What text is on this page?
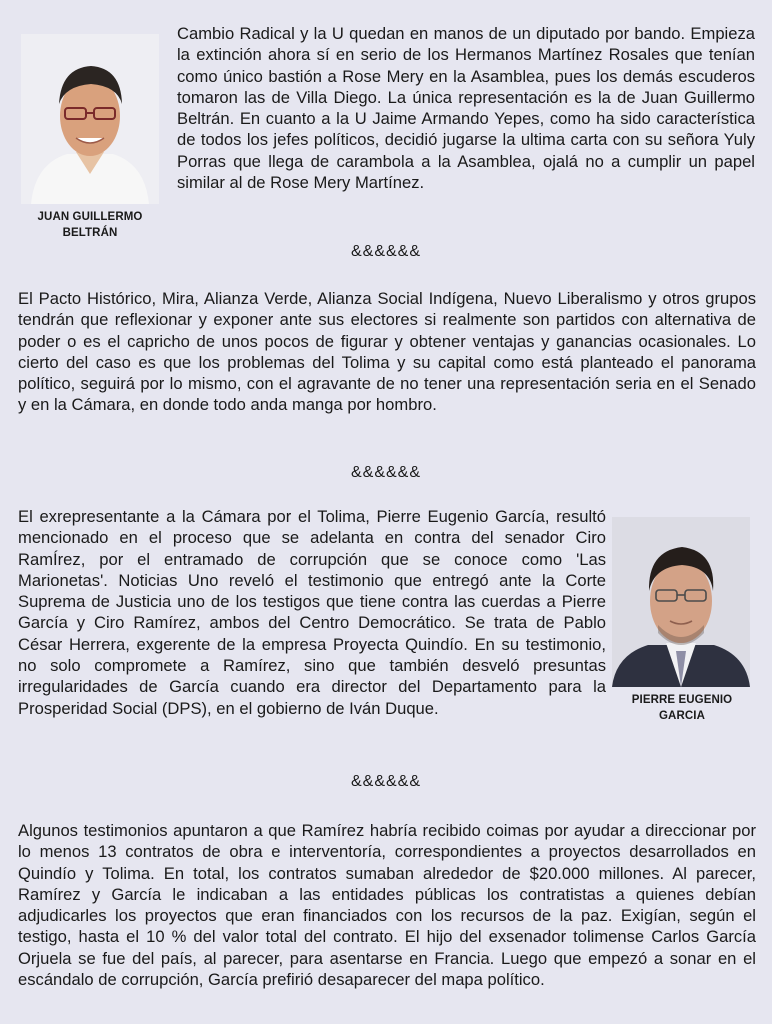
JUAN GUILLERMO
BELTRÁN

Cambio Radical y la U quedan en manos de un diputado por bando. Empieza la extinción ahora sí en serio de los Hermanos Martínez Rosales que tenían como único bastión a Rose Mery en la Asamblea, pues los demás escuderos tomaron las de Villa Diego. La única representación es la de Juan Guillermo Beltrán. En cuanto a la U Jaime Armando Yepes, como ha sido característica de todos los jefes políticos, decidió jugarse la ultima carta con su señora Yuly Porras que llega de carambola a la Asamblea, ojalá no a cumplir un papel similar al de Rose Mery Martínez.

&&&&&&

El Pacto Histórico, Mira, Alianza Verde, Alianza Social Indígena, Nuevo Liberalismo y otros grupos tendrán que reflexionar y exponer ante sus electores si realmente son partidos con alternativa de poder o es el capricho de unos pocos de figurar y obtener ventajas y ganancias ocasionales. Lo cierto del caso es que los problemas del Tolima y su capital como está planteado el panorama político, seguirá por lo mismo, con el agravante de no tener una representación seria en el Senado y en la Cámara, en donde todo anda manga por hombro.

&&&&&&
PIERRE EUGENIO
GARCIA
El exrepresentante a la Cámara por el Tolima, Pierre Eugenio García, resultó mencionado en el proceso que se adelanta en contra del senador Ciro RamÍrez, por el entramado de corrupción que se conoce como 'Las Marionetas'. Noticias Uno reveló el testimonio que entregó ante la Corte Suprema de Justicia uno de los testigos que tiene contra las cuerdas a Pierre García y Ciro Ramírez, ambos del Centro Democrático. Se trata de Pablo César Herrera, exgerente de la empresa Proyecta Quindío. En su testimonio, no solo compromete a Ramírez, sino que también desveló presuntas irregularidades de García cuando era director del Departamento para la Prosperidad Social (DPS), en el gobierno de Iván Duque.
&&&&&&

Algunos testimonios apuntaron a que Ramírez habría recibido coimas por ayudar a direccionar por lo menos 13 contratos de obra e interventoría, correspondientes a proyectos desarrollados en Quindío y Tolima. En total, los contratos sumaban alrededor de $20.000 millones. Al parecer, Ramírez y García le indicaban a las entidades públicas los contratistas a quienes debían adjudicarles los proyectos que eran financiados con los recursos de la paz. Exigían, según el testigo, hasta el 10 % del valor total del contrato. El hijo del exsenador tolimense Carlos García Orjuela se fue del país, al parecer, para asentarse en Francia. Luego que empezó a sonar en el escándalo de corrupción, García prefirió desaparecer del mapa político.
